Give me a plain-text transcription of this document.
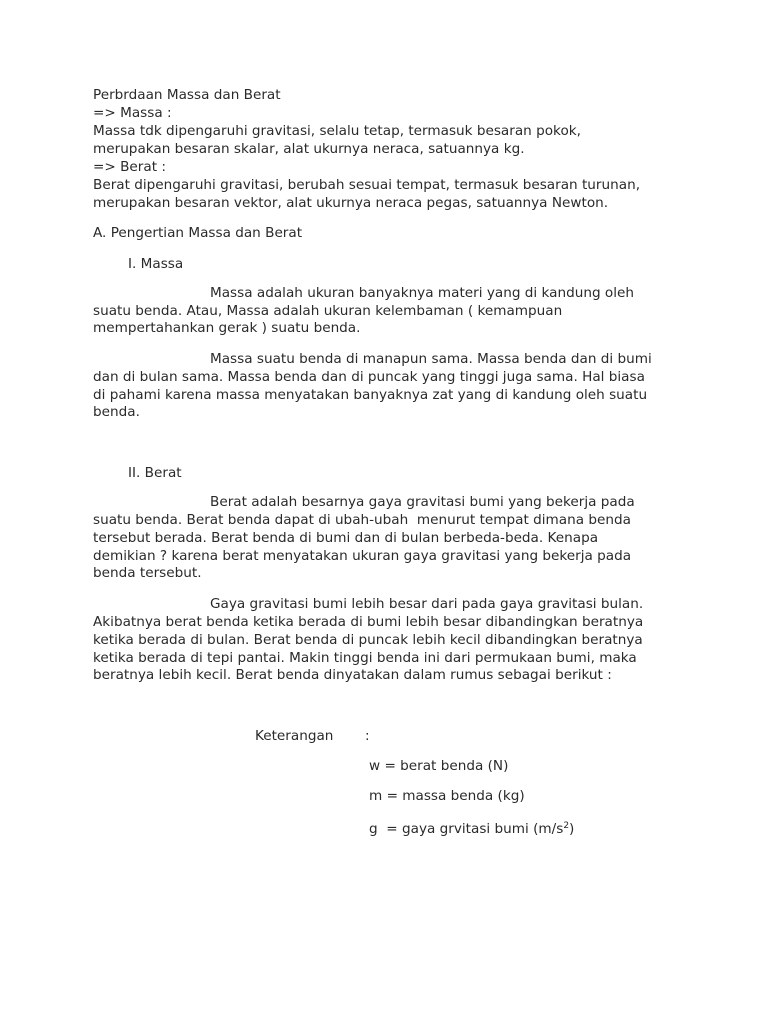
Perbrdaan Massa dan Berat
=> Massa :
Massa tdk dipengaruhi gravitasi, selalu tetap, termasuk besaran pokok,
merupakan besaran skalar, alat ukurnya neraca, satuannya kg.
=> Berat :
Berat dipengaruhi gravitasi, berubah sesuai tempat, termasuk besaran turunan,
merupakan besaran vektor, alat ukurnya neraca pegas, satuannya Newton.
A. Pengertian Massa dan Berat
I. Massa
Massa adalah ukuran banyaknya materi yang di kandung oleh
suatu benda. Atau, Massa adalah ukuran kelembaman ( kemampuan
mempertahankan gerak ) suatu benda.
Massa suatu benda di manapun sama. Massa benda dan di bumi
dan di bulan sama. Massa benda dan di puncak yang tinggi juga sama. Hal biasa
di pahami karena massa menyatakan banyaknya zat yang di kandung oleh suatu
benda.
II. Berat
Berat adalah besarnya gaya gravitasi bumi yang bekerja pada
suatu benda. Berat benda dapat di ubah-ubah  menurut tempat dimana benda
tersebut berada. Berat benda di bumi dan di bulan berbeda-beda. Kenapa
demikian ? karena berat menyatakan ukuran gaya gravitasi yang bekerja pada
benda tersebut.
Gaya gravitasi bumi lebih besar dari pada gaya gravitasi bulan.
Akibatnya berat benda ketika berada di bumi lebih besar dibandingkan beratnya
ketika berada di bulan. Berat benda di puncak lebih kecil dibandingkan beratnya
ketika berada di tepi pantai. Makin tinggi benda ini dari permukaan bumi, maka
beratnya lebih kecil. Berat benda dinyatakan dalam rumus sebagai berikut :
Keterangan :
w = berat benda (N)
m = massa benda (kg)
g  = gaya grvitasi bumi $(m/s^2)$
